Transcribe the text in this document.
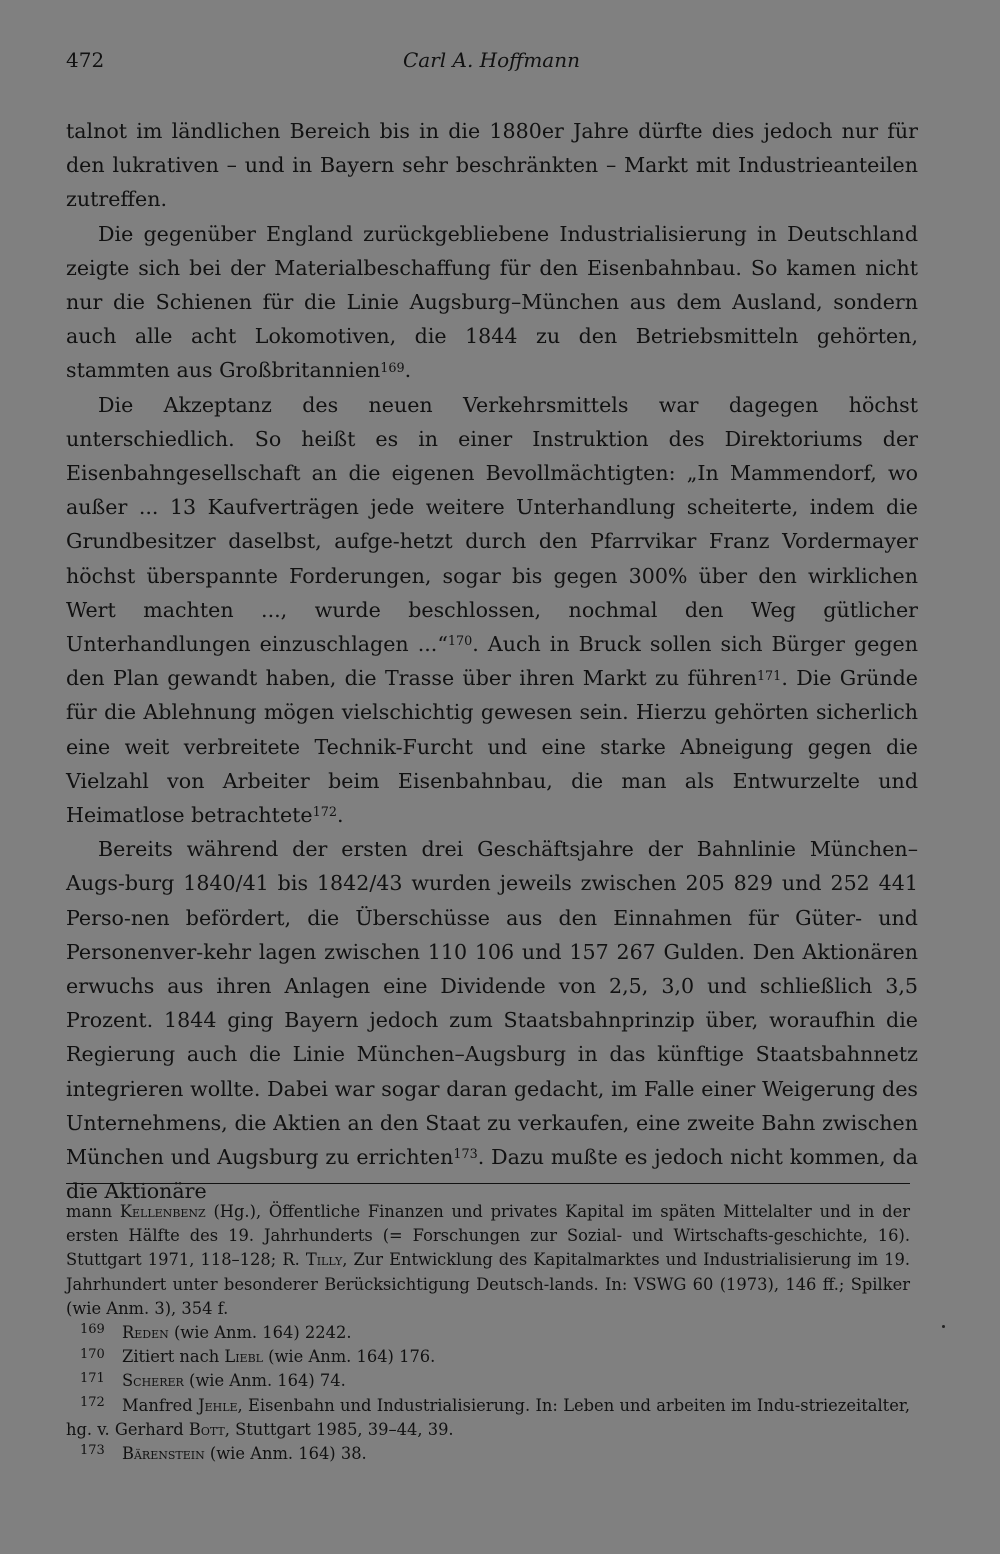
472	Carl A. Hoffmann

talnot im ländlichen Bereich bis in die 1880er Jahre dürfte dies jedoch nur für den lukrativen – und in Bayern sehr beschränkten – Markt mit Industrieanteilen zutreffen.

Die gegenüber England zurückgebliebene Industrialisierung in Deutschland zeigte sich bei der Materialbeschaffung für den Eisenbahnbau. So kamen nicht nur die Schienen für die Linie Augsburg–München aus dem Ausland, sondern auch alle acht Lokomotiven, die 1844 zu den Betriebsmitteln gehörten, stammten aus Großbritannien$^{169}$.

Die Akzeptanz des neuen Verkehrsmittels war dagegen höchst unterschiedlich. So heißt es in einer Instruktion des Direktoriums der Eisenbahngesellschaft an die eigenen Bevollmächtigten: „In Mammendorf, wo außer ... 13 Kaufverträgen jede weitere Unterhandlung scheiterte, indem die Grundbesitzer daselbst, aufge-hetzt durch den Pfarrvikar Franz Vordermayer höchst überspannte Forderungen, sogar bis gegen 300% über den wirklichen Wert machten ..., wurde beschlossen, nochmal den Weg gütlicher Unterhandlungen einzuschlagen ...“$^{170}$. Auch in Bruck sollen sich Bürger gegen den Plan gewandt haben, die Trasse über ihren Markt zu führen$^{171}$. Die Gründe für die Ablehnung mögen vielschichtig gewesen sein. Hierzu gehörten sicherlich eine weit verbreitete Technik-Furcht und eine starke Abneigung gegen die Vielzahl von Arbeiter beim Eisenbahnbau, die man als Entwurzelte und Heimatlose betrachtete$^{172}$.

Bereits während der ersten drei Geschäftsjahre der Bahnlinie München–Augs-burg 1840/41 bis 1842/43 wurden jeweils zwischen 205 829 und 252 441 Perso-nen befördert, die Überschüsse aus den Einnahmen für Güter- und Personenver-kehr lagen zwischen 110 106 und 157 267 Gulden. Den Aktionären erwuchs aus ihren Anlagen eine Dividende von 2,5, 3,0 und schließlich 3,5 Prozent. 1844 ging Bayern jedoch zum Staatsbahnprinzip über, woraufhin die Regierung auch die Linie München–Augsburg in das künftige Staatsbahnnetz integrieren wollte. Dabei war sogar daran gedacht, im Falle einer Weigerung des Unternehmens, die Aktien an den Staat zu verkaufen, eine zweite Bahn zwischen München und Augsburg zu errichten$^{173}$. Dazu mußte es jedoch nicht kommen, da die Aktionäre

mann Kellenbenz (Hg.), Öffentliche Finanzen und privates Kapital im späten Mittelalter und in der ersten Hälfte des 19. Jahrhunderts (= Forschungen zur Sozial- und Wirtschafts-geschichte, 16). Stuttgart 1971, 118–128; R. Tilly, Zur Entwicklung des Kapitalmarktes und Industrialisierung im 19. Jahrhundert unter besonderer Berücksichtigung Deutsch-lands. In: VSWG 60 (1973), 146 ff.; Spilker (wie Anm. 3), 354 f.

$^{169}$	Reden (wie Anm. 164) 2242.
$^{170}$	Zitiert nach Liebl (wie Anm. 164) 176.
$^{171}$	Scherer (wie Anm. 164) 74.

$^{172}$ Manfred Jehle, Eisenbahn und Industrialisierung. In: Leben und arbeiten im Indu-striezeitalter, hg. v. Gerhard Bott, Stuttgart 1985, 39–44, 39.

$^{173}$	Bärenstein (wie Anm. 164) 38.
